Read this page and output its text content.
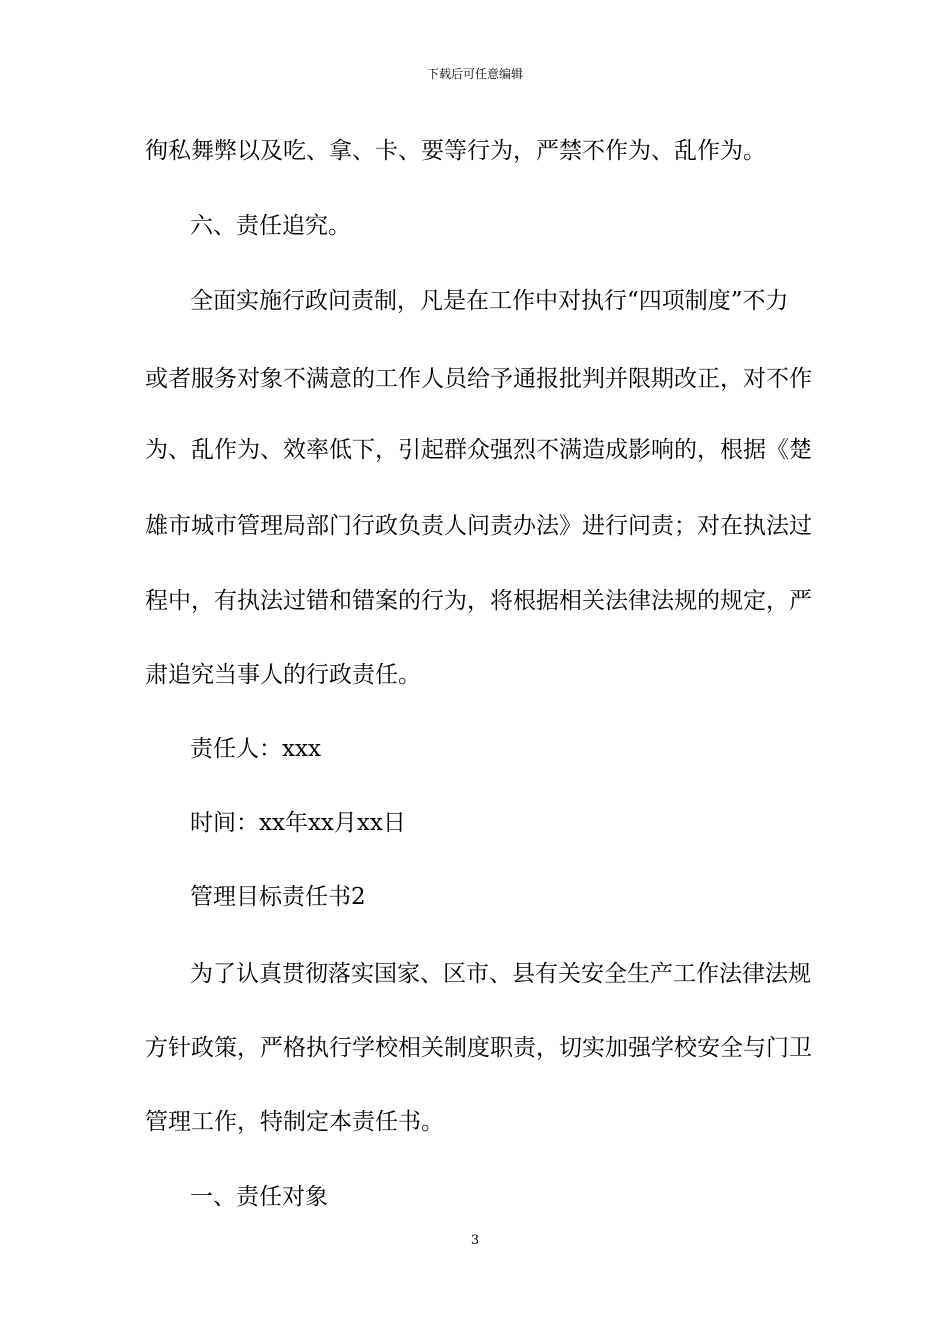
下载后可任意编辑
徇私舞弊以及吃、拿、卡、要等行为，严禁不作为、乱作为。
六、责任追究。
全面实施行政问责制，凡是在工作中对执行“四项制度”不力
或者服务对象不满意的工作人员给予通报批判并限期改正，对不作
为、乱作为、效率低下，引起群众强烈不满造成影响的，根据《楚
雄市城市管理局部门行政负责人问责办法》进行问责；对在执法过
程中，有执法过错和错案的行为，将根据相关法律法规的规定，严
肃追究当事人的行政责任。
责任人：xxx
时间：xx年xx月xx日
管理目标责任书2
为了认真贯彻落实国家、区市、县有关安全生产工作法律法规
方针政策，严格执行学校相关制度职责，切实加强学校安全与门卫
管理工作，特制定本责任书。
一、责任对象
3
